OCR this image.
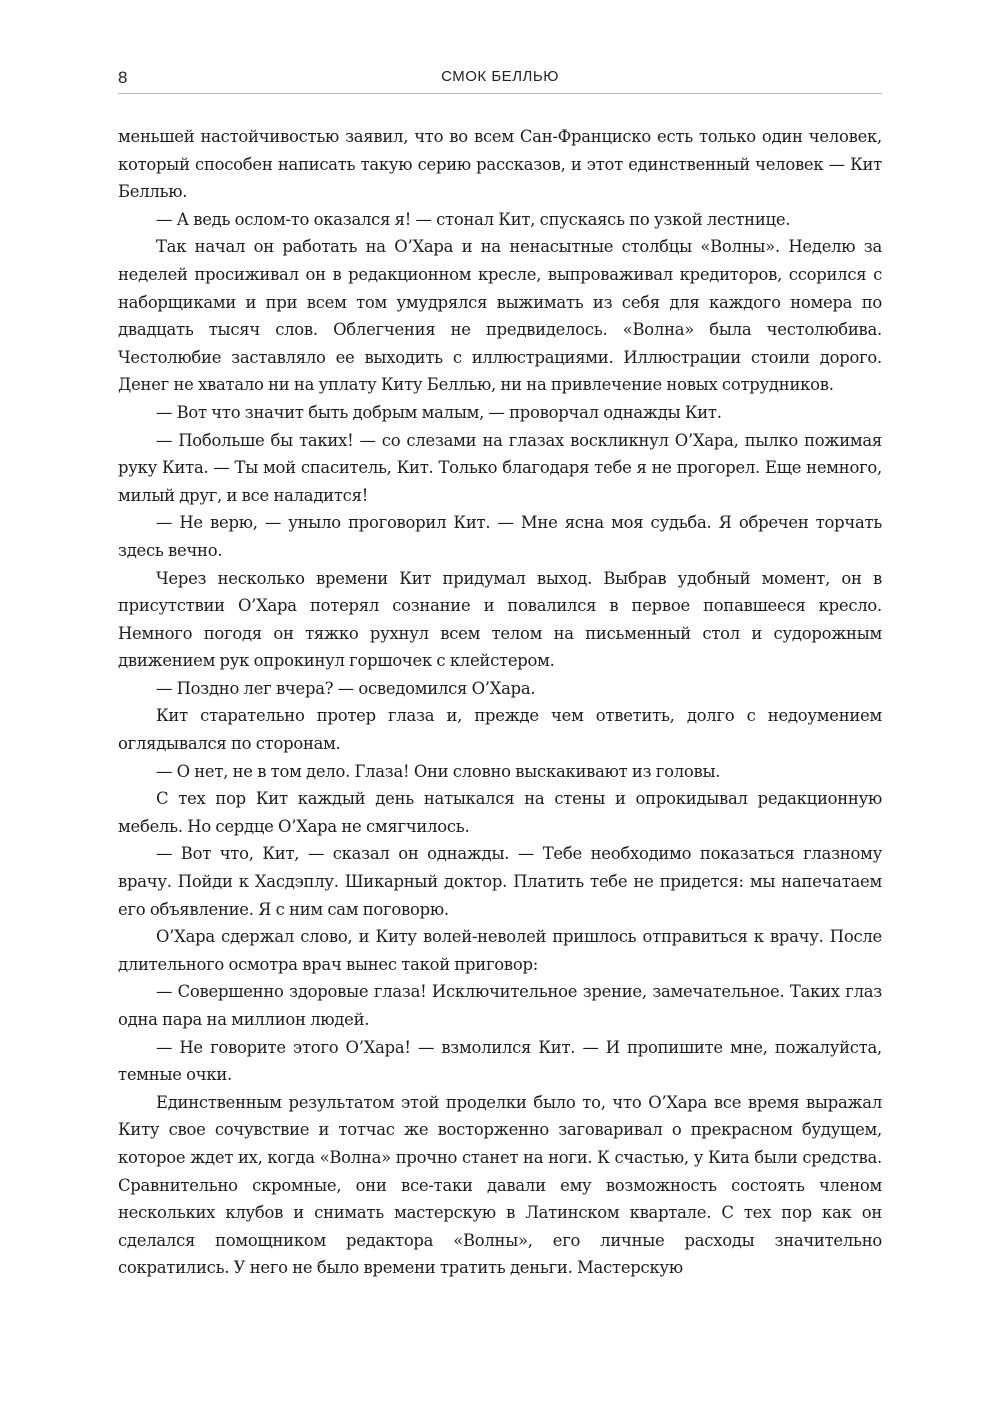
8	СМОК БЕЛЛЬЮ

меньшей настойчивостью заявил, что во всем Сан-Франциско есть только один человек, который способен написать такую серию рассказов, и этот единственный человек — Кит Беллью.

— А ведь ослом-то оказался я! — стонал Кит, спускаясь по узкой лестнице.

Так начал он работать на О’Хара и на ненасытные столбцы «Волны». Неделю за неделей просиживал он в редакционном кресле, выпроваживал кредиторов, ссорился с наборщиками и при всем том умудрялся выжимать из себя для каждого номера по двадцать тысяч слов. Облегчения не предвиделось. «Волна» была честолюбива. Честолюбие заставляло ее выходить с иллюстрациями. Иллюстрации стоили дорого. Денег не хватало ни на уплату Киту Беллью, ни на привлечение новых сотрудников.

— Вот что значит быть добрым малым, — проворчал однажды Кит.

— Побольше бы таких! — со слезами на глазах воскликнул О’Хара, пылко пожимая руку Кита. — Ты мой спаситель, Кит. Только благодаря тебе я не прогорел. Еще немного, милый друг, и все наладится!

— Не верю, — уныло проговорил Кит. — Мне ясна моя судьба. Я обречен торчать здесь вечно.

Через несколько времени Кит придумал выход. Выбрав удобный момент, он в присутствии О’Хара потерял сознание и повалился в первое попавшееся кресло. Немного погодя он тяжко рухнул всем телом на письменный стол и судорожным движением рук опрокинул горшочек с клейстером.

— Поздно лег вчера? — осведомился О’Хара.

Кит старательно протер глаза и, прежде чем ответить, долго с недоумением оглядывался по сторонам.

— О нет, не в том дело. Глаза! Они словно выскакивают из головы.

С тех пор Кит каждый день натыкался на стены и опрокидывал редакционную мебель. Но сердце О’Хара не смягчилось.

— Вот что, Кит, — сказал он однажды. — Тебе необходимо показаться глазному врачу. Пойди к Хасдэплу. Шикарный доктор. Платить тебе не придется: мы напечатаем его объявление. Я с ним сам поговорю.

О’Хара сдержал слово, и Киту волей-неволей пришлось отправиться к врачу. После длительного осмотра врач вынес такой приговор:

— Совершенно здоровые глаза! Исключительное зрение, замечательное. Таких глаз одна пара на миллион людей.

— Не говорите этого О’Хара! — взмолился Кит. — И пропишите мне, пожалуйста, темные очки.

Единственным результатом этой проделки было то, что О’Хара все время выражал Киту свое сочувствие и тотчас же восторженно заговаривал о прекрасном будущем, которое ждет их, когда «Волна» прочно станет на ноги. К счастью, у Кита были средства. Сравнительно скромные, они все-таки давали ему возможность состоять членом нескольких клубов и снимать мастерскую в Латинском квартале. С тех пор как он сделался помощником редактора «Волны», его личные расходы значительно сократились. У него не было времени тратить деньги. Мастерскую
